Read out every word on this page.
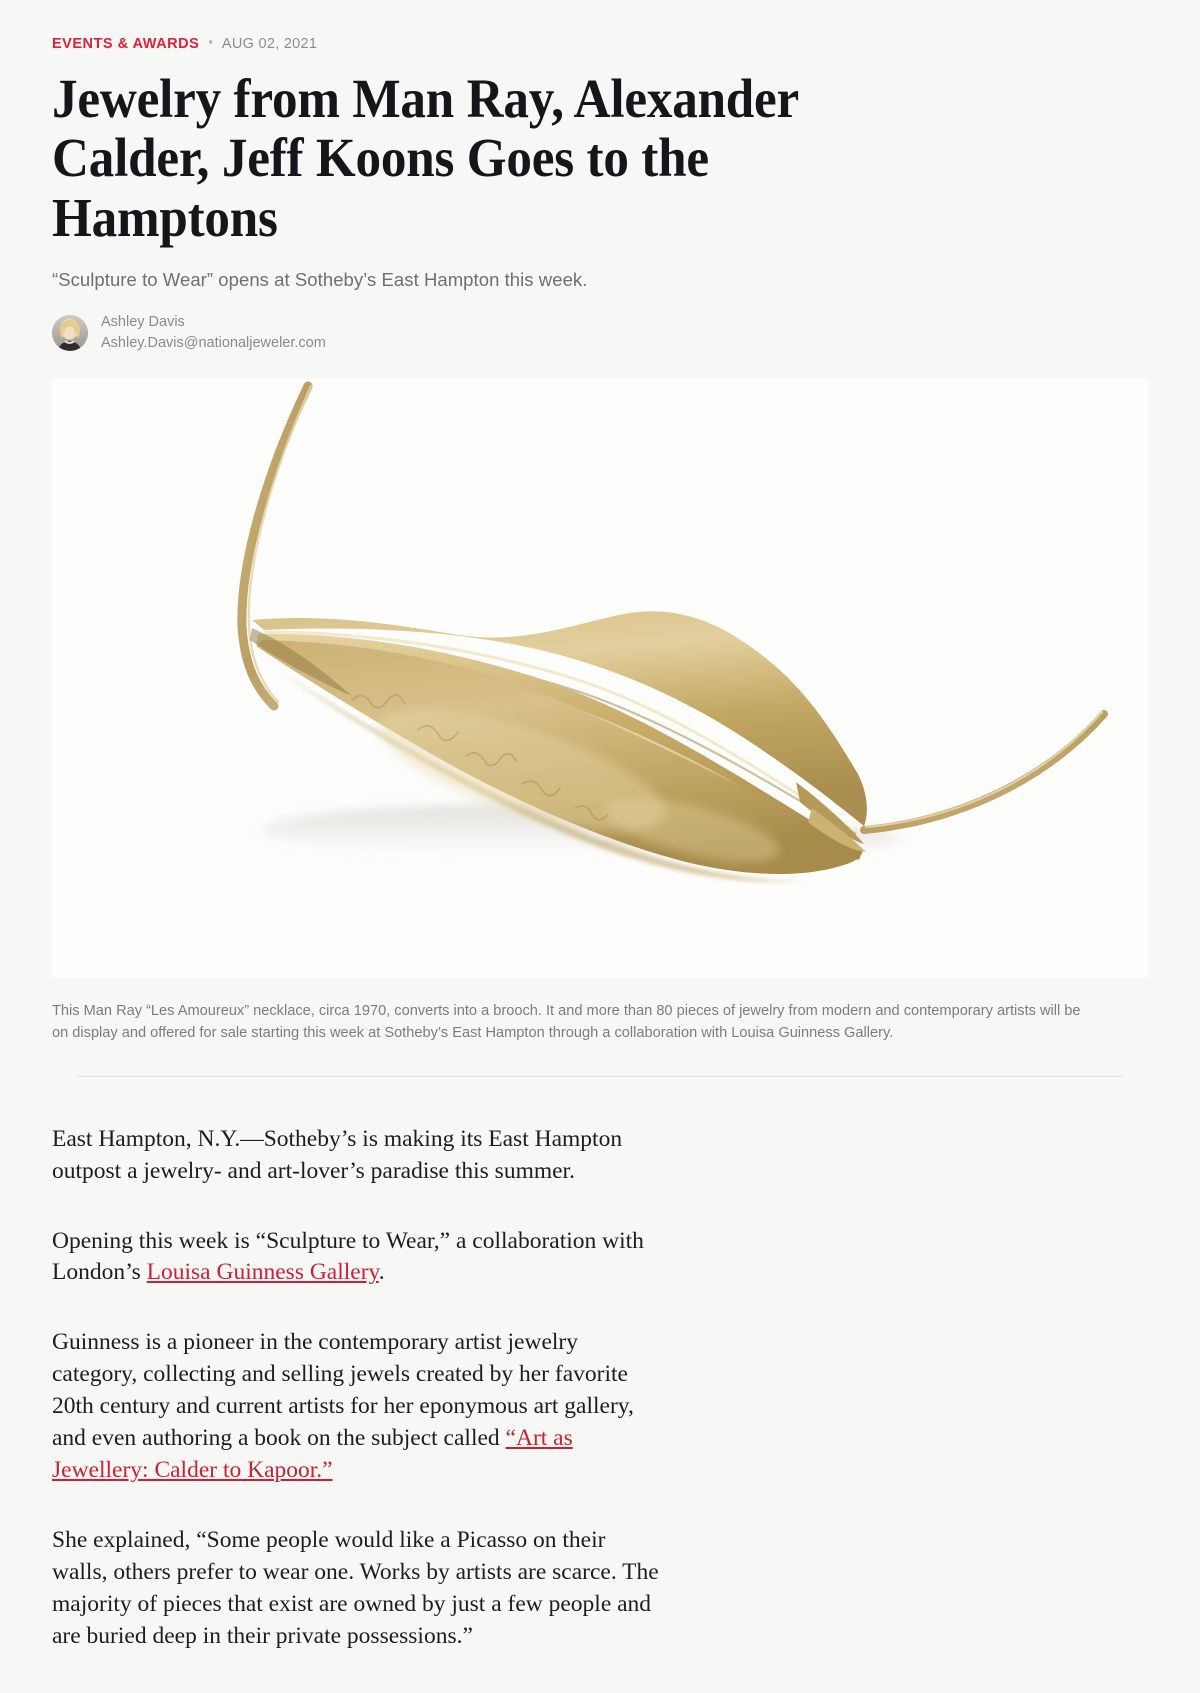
EVENTS & AWARDS ▪ AUG 02, 2021
Jewelry from Man Ray, Alexander Calder, Jeff Koons Goes to the Hamptons

“Sculpture to Wear” opens at Sotheby’s East Hampton this week.

Ashley Davis
Ashley.Davis@nationaljeweler.com

This Man Ray “Les Amoureux” necklace, circa 1970, converts into a brooch. It and more than 80 pieces of jewelry from modern and contemporary artists will be on display and offered for sale starting this week at Sotheby’s East Hampton through a collaboration with Louisa Guinness Gallery.

East Hampton, N.Y.—Sotheby’s is making its East Hampton outpost a jewelry- and art-lover’s paradise this summer.

Opening this week is “Sculpture to Wear,” a collaboration with London’s Louisa Guinness Gallery.

Guinness is a pioneer in the contemporary artist jewelry category, collecting and selling jewels created by her favorite 20th century and current artists for her eponymous art gallery, and even authoring a book on the subject called “Art as Jewellery: Calder to Kapoor.”

She explained, “Some people would like a Picasso on their walls, others prefer to wear one. Works by artists are scarce. The majority of pieces that exist are owned by just a few people and are buried deep in their private possessions.”
